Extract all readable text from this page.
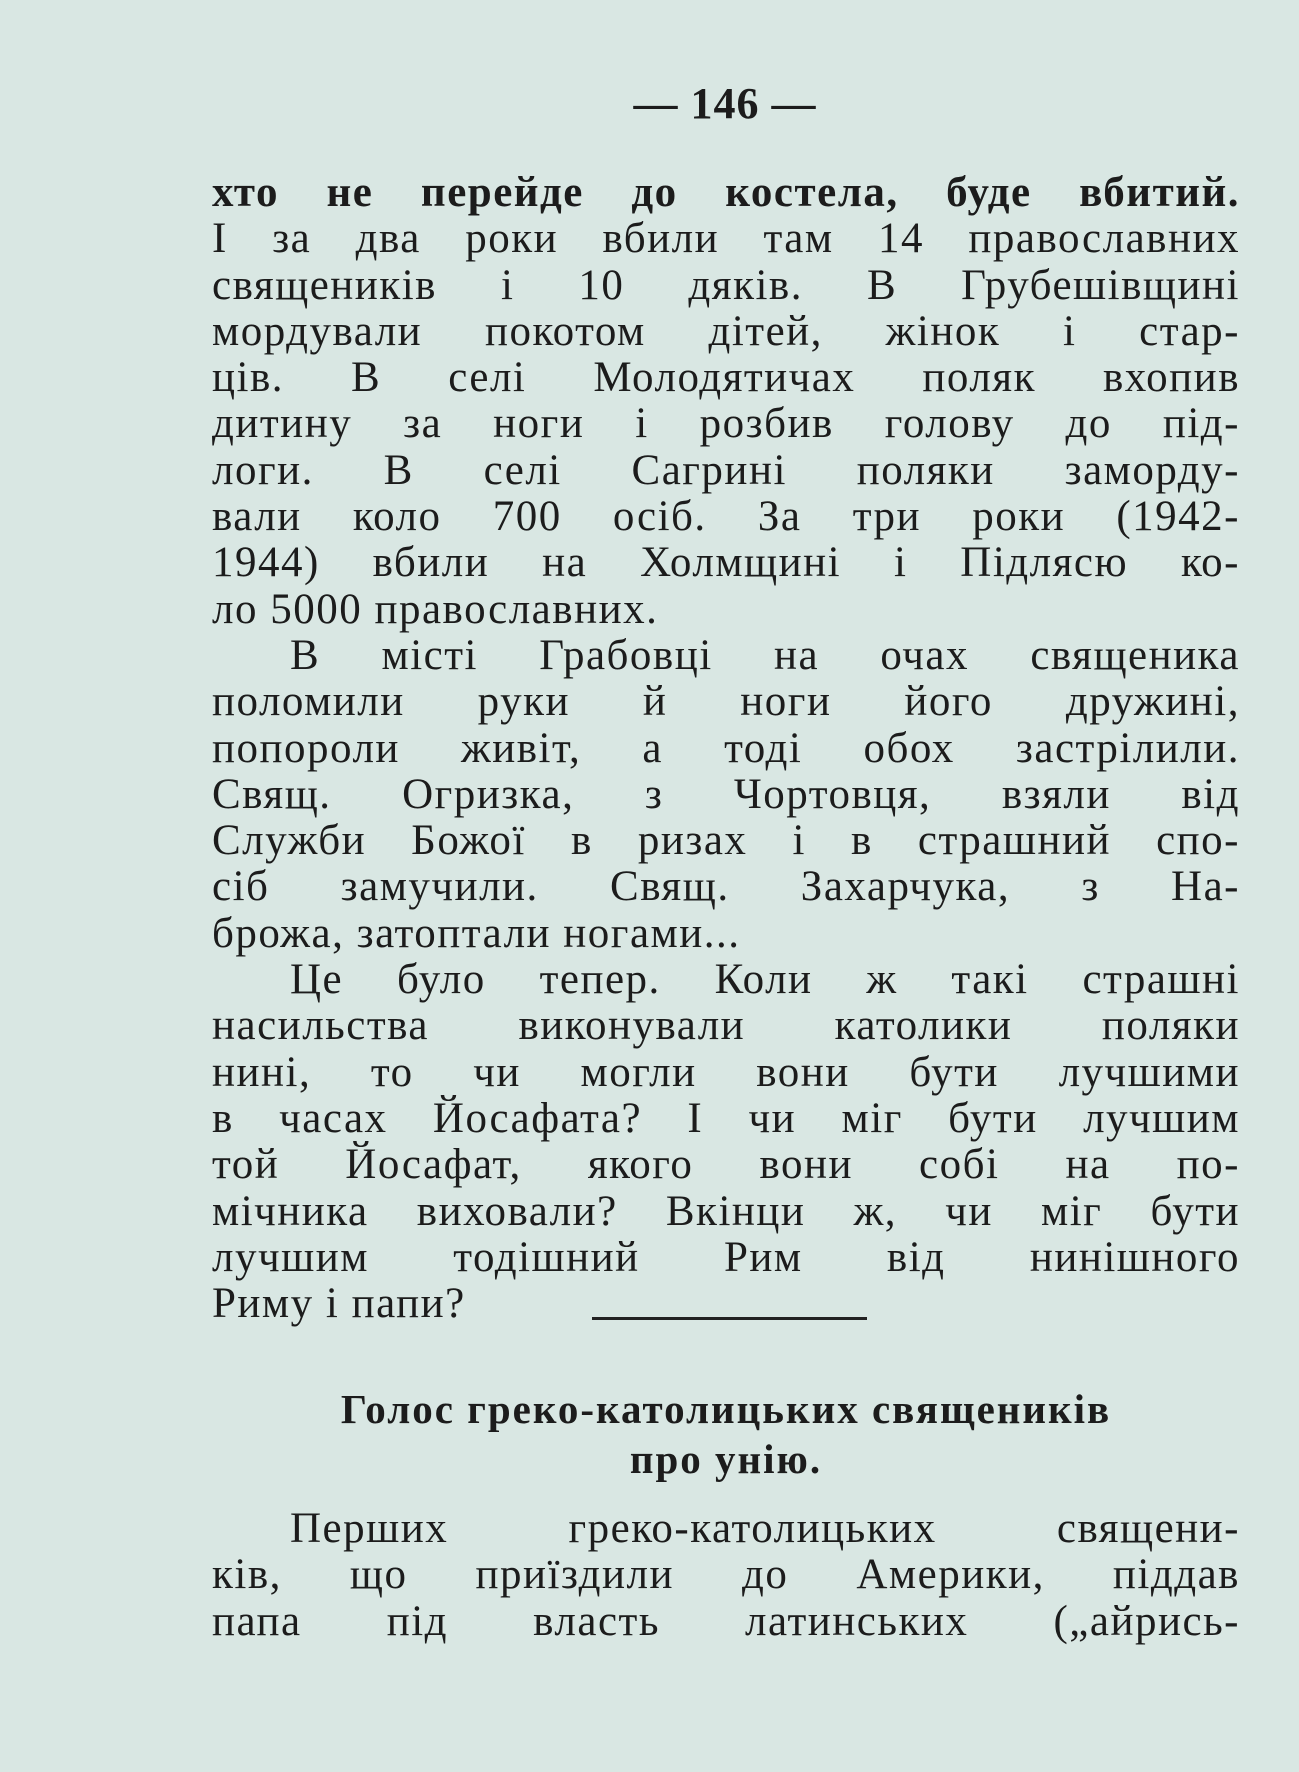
— 146 —
хто не перейде до костела, буде вбитий.
І за два роки вбили там 14 православних
священиків і 10 дяків. В Грубешівщині
мордували покотом дітей, жінок і стар-
ців. В селі Молодятичах поляк вхопив
дитину за ноги і розбив голову до під-
логи. В селі Сагрині поляки заморду-
вали коло 700 осіб. За три роки (1942-
1944) вбили на Холмщині і Підлясю ко-
ло 5000 православних.
В місті Грабовці на очах священика
поломили руки й ноги його дружині,
попороли живіт, а тоді обох застрілили.
Свящ. Огризка, з Чортовця, взяли від
Служби Божої в ризах і в страшний спо-
сіб замучили. Свящ. Захарчука, з На-
брожа, затоптали ногами...
Це було тепер. Коли ж такі страшні
насильства виконували католики поляки
нині, то чи могли вони бути лучшими
в часах Йосафата? І чи міг бути лучшим
той Йосафат, якого вони собі на по-
мічника виховали? Вкінци ж, чи міг бути
лучшим тодішний Рим від нинішного
Риму і папи?
Голос греко-католицьких священиків
про унію.
Перших греко-католицьких священи-
ків, що приїздили до Америки, піддав
папа під власть латинських („айрись-
